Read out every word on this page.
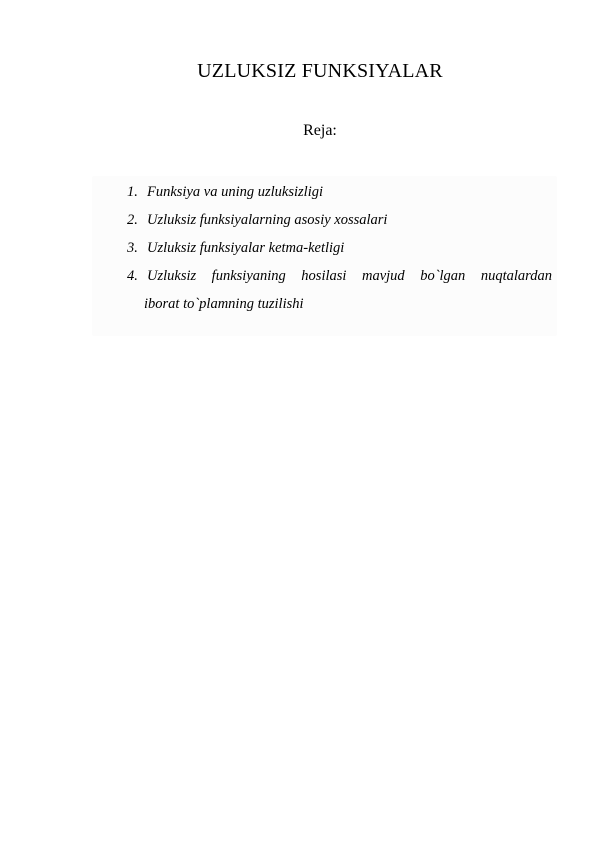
UZLUKSIZ FUNKSIYALAR
Reja:
1. Funksiya va uning uzluksizligi
2. Uzluksiz funksiyalarning asosiy xossalari
3. Uzluksiz funksiyalar ketma-ketligi
4. Uzluksiz funksiyaning hosilasi mavjud bo`lgan nuqtalardan
iborat to`plamning tuzilishi
